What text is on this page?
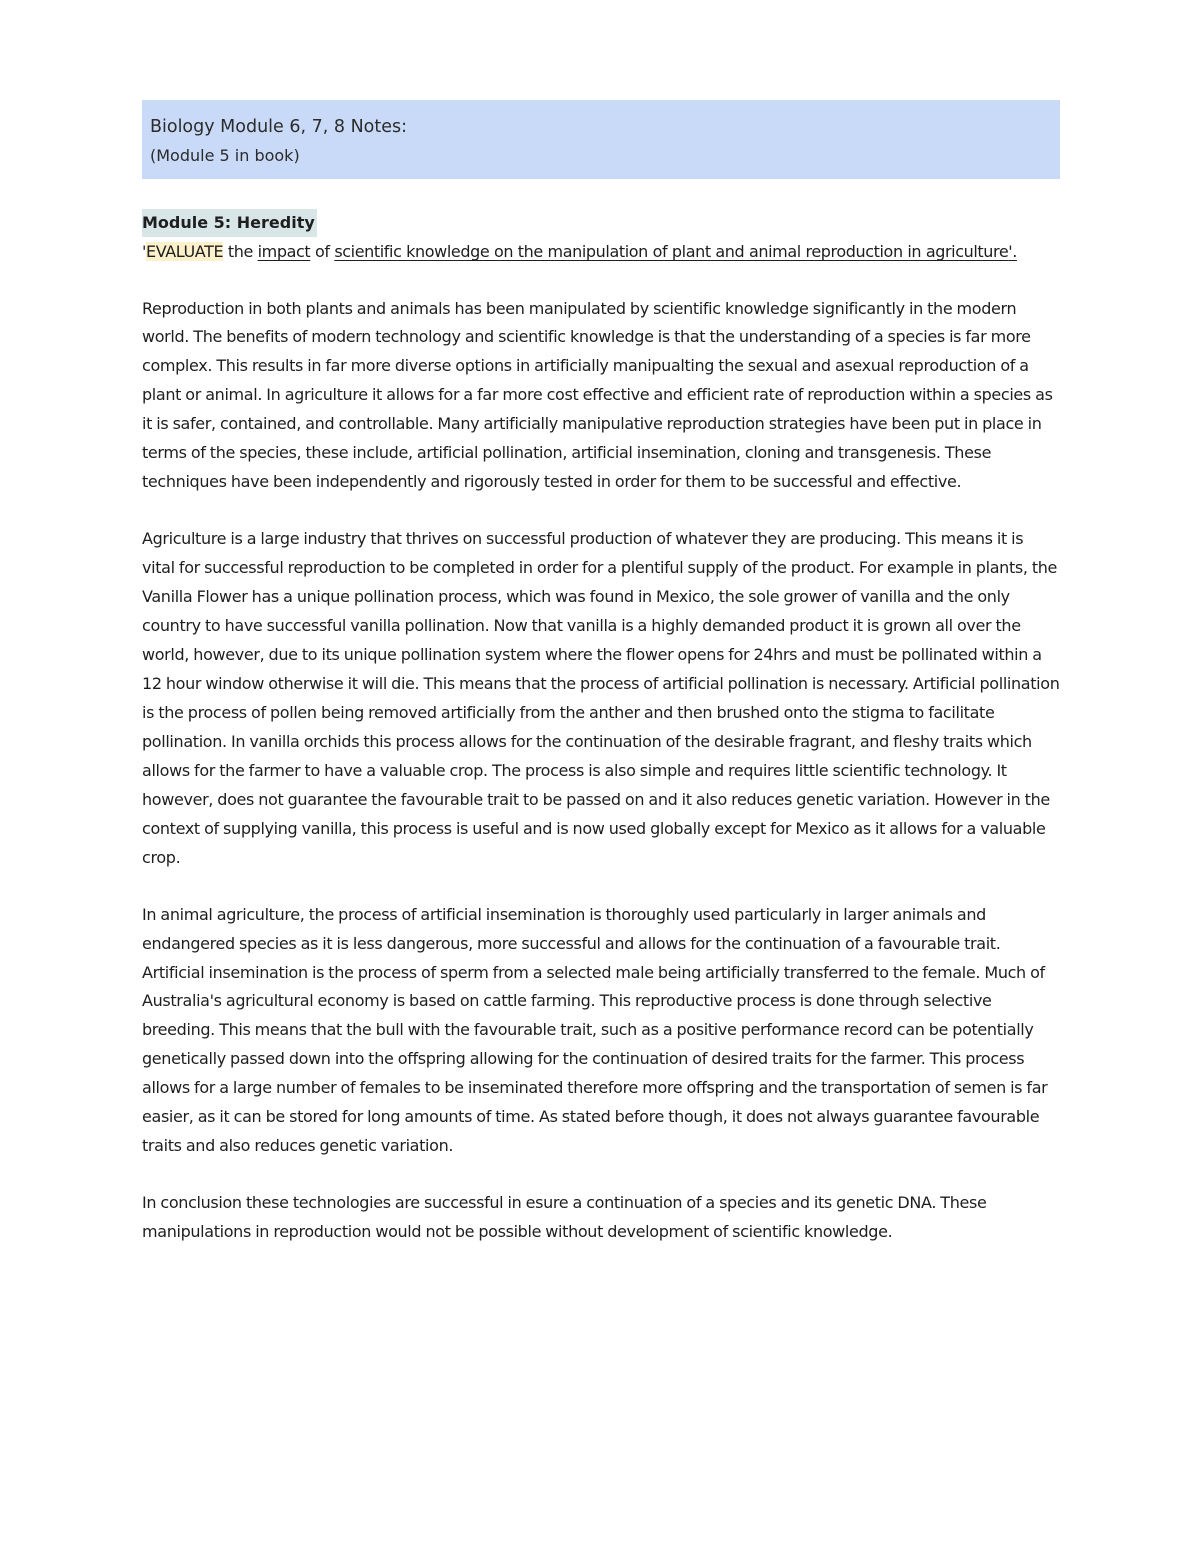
Biology Module 6, 7, 8 Notes:
(Module 5 in book)
Module 5: Heredity

'EVALUATE the impact of scientific knowledge on the manipulation of plant and animal reproduction in agriculture'.

Reproduction in both plants and animals has been manipulated by scientific knowledge significantly in the modern world. The benefits of modern technology and scientific knowledge is that the understanding of a species is far more complex. This results in far more diverse options in artificially manipualting the sexual and asexual reproduction of a plant or animal. In agriculture it allows for a far more cost effective and efficient rate of reproduction within a species as it is safer, contained, and controllable. Many artificially manipulative reproduction strategies have been put in place in terms of the species, these include, artificial pollination, artificial insemination, cloning and transgenesis. These techniques have been independently and rigorously tested in order for them to be successful and effective.

Agriculture is a large industry that thrives on successful production of whatever they are producing. This means it is vital for successful reproduction to be completed in order for a plentiful supply of the product. For example in plants, the Vanilla Flower has a unique pollination process, which was found in Mexico, the sole grower of vanilla and the only country to have successful vanilla pollination. Now that vanilla is a highly demanded product it is grown all over the world, however, due to its unique pollination system where the flower opens for 24hrs and must be pollinated within a 12 hour window otherwise it will die. This means that the process of artificial pollination is necessary. Artificial pollination is the process of pollen being removed artificially from the anther and then brushed onto the stigma to facilitate pollination. In vanilla orchids this process allows for the continuation of the desirable fragrant, and fleshy traits which allows for the farmer to have a valuable crop. The process is also simple and requires little scientific technology. It however, does not guarantee the favourable trait to be passed on and it also reduces genetic variation. However in the context of supplying vanilla, this process is useful and is now used globally except for Mexico as it allows for a valuable crop.

In animal agriculture, the process of artificial insemination is thoroughly used particularly in larger animals and endangered species as it is less dangerous, more successful and allows for the continuation of a favourable trait. Artificial insemination is the process of sperm from a selected male being artificially transferred to the female. Much of Australia's agricultural economy is based on cattle farming. This reproductive process is done through selective breeding. This means that the bull with the favourable trait, such as a positive performance record can be potentially genetically passed down into the offspring allowing for the continuation of desired traits for the farmer. This process allows for a large number of females to be inseminated therefore more offspring and the transportation of semen is far easier, as it can be stored for long amounts of time. As stated before though, it does not always guarantee favourable traits and also reduces genetic variation.

In conclusion these technologies are successful in esure a continuation of a species and its genetic DNA. These manipulations in reproduction would not be possible without development of scientific knowledge.
